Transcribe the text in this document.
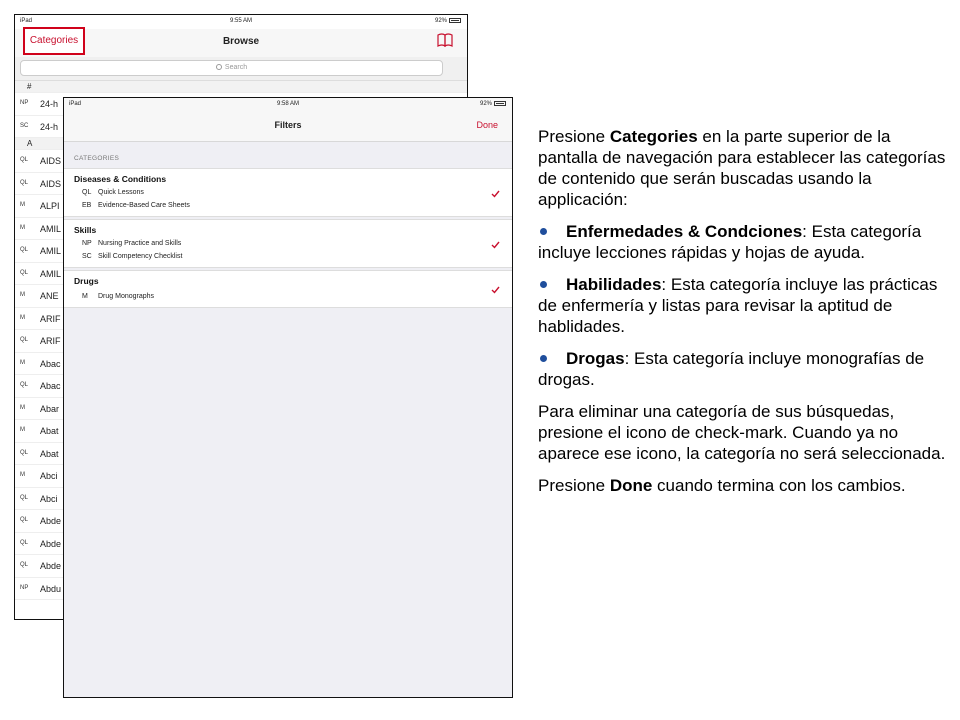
iPad	9:55 AM	92%
Browse
Categories
Search
#
NP 24-h
SC 24-h
A
QL AIDS
QL AIDS
M ALPI
M AMIL
QL AMIL
QL AMIL
M ANE
M ARIF
QL ARIF
M Abac
QL Abac
M Abar
M Abat
QL Abat
M Abci
QL Abci
QL Abde
QL Abde
QL Abde
NP Abdu
iPad	9:58 AM	92%
Filters	Done
CATEGORIES
Diseases & Conditions
QL Quick Lessons
EB Evidence-Based Care Sheets
Skills
NP Nursing Practice and Skills
SC Skill Competency Checklist
Drugs
M Drug Monographs

Presione Categories en la parte superior de la pantalla de navegación para establecer las categorías de contenido que serán buscadas usando la applicación:

Enfermedades & Condciones: Esta categoría incluye lecciones rápidas y hojas de ayuda.

Habilidades: Esta categoría incluye las prácticas de enfermería y listas para revisar la aptitud de hablidades.

Drogas: Esta categoría incluye monografías de drogas.

Para eliminar una categoría de sus búsquedas, presione el icono de check-mark. Cuando ya no aparece ese icono, la categoría no será seleccionada.

Presione Done cuando termina con los cambios.
